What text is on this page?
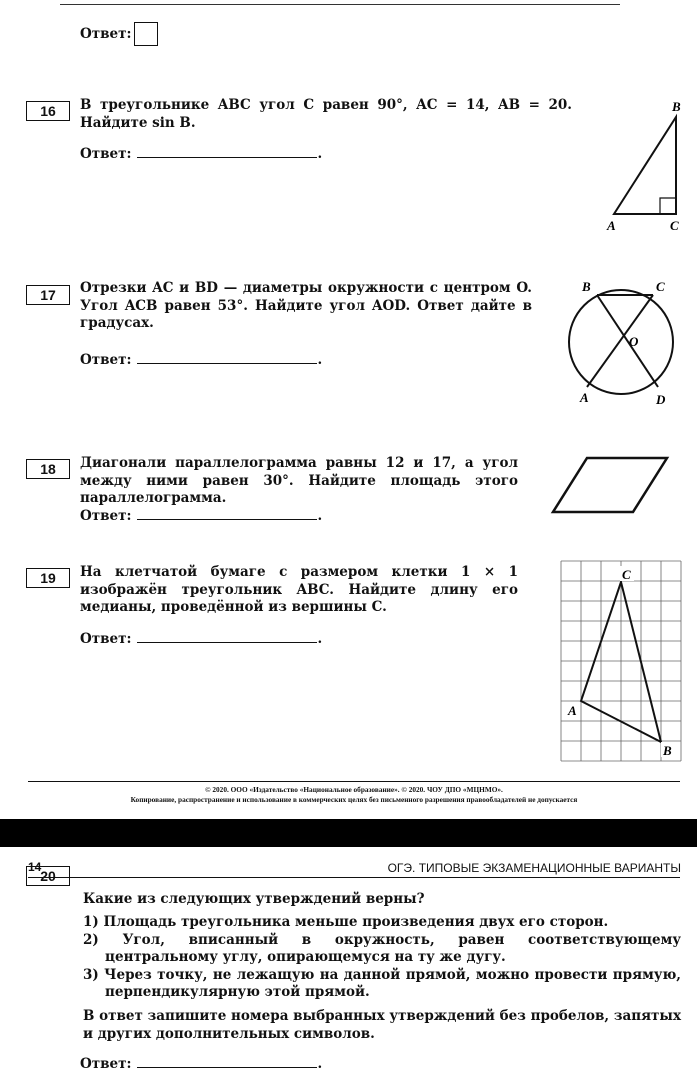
Ответ:
16	В треугольнике ABC угол C равен 90°, AC = 14, AB = 20. Найдите sin B.
Ответ:	.
B
A	C
17	Отрезки AC и BD — диаметры окружности с центром O. Угол ACB равен 53°. Найдите угол AOD. Ответ дайте в градусах.
Ответ:	.
B	C
O
A	D
18	Диагонали параллелограмма равны 12 и 17, а угол между ними равен 30°. Найдите площадь этого параллелограмма.
Ответ:	.
19	На клетчатой бумаге с размером клетки 1 × 1 изображён треугольник ABC. Найдите длину его медианы, проведённой из вершины C.
Ответ:	.
C
A
B
© 2020. ООО «Издательство «Национальное образование». © 2020. ЧОУ ДПО «МЦНМО».
Копирование, распространение и использование в коммерческих целях без письменного разрешения правообладателей не допускается
14	ОГЭ. ТИПОВЫЕ ЭКЗАМЕНАЦИОННЫЕ ВАРИАНТЫ
20
Какие из следующих утверждений верны?
1) Площадь треугольника меньше произведения двух его сторон.
2) Угол, вписанный в окружность, равен соответствующему центральному углу, опирающемуся на ту же дугу.
3) Через точку, не лежащую на данной прямой, можно провести прямую, перпендикулярную этой прямой.
В ответ запишите номера выбранных утверждений без пробелов, запятых и других дополнительных символов.
Ответ:	.
